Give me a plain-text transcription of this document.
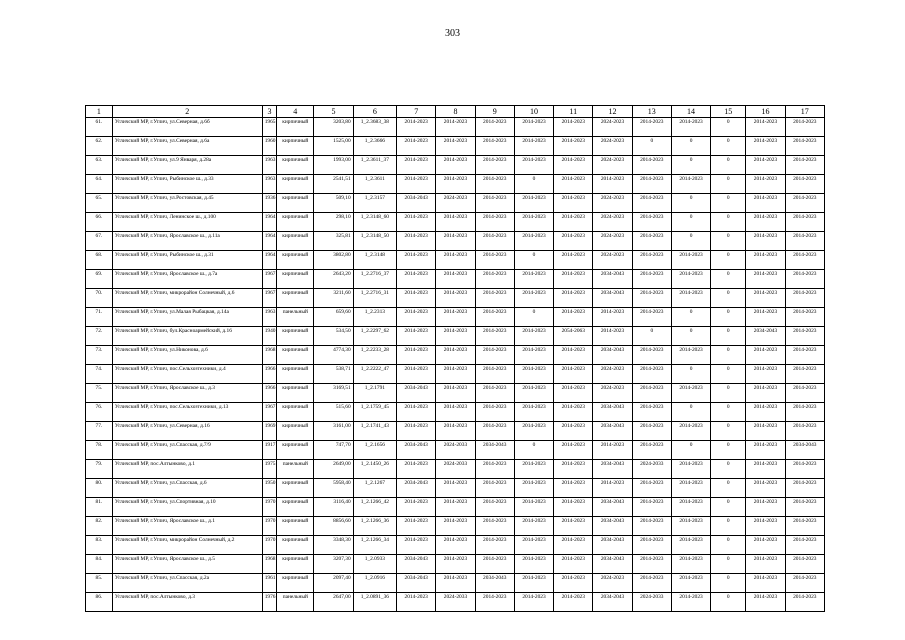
303
1	2	3	4	5	6	7	8	9	10	11	12	13	14	15	16	17
61.	Угличский МР, г.Углич, ул.Северная, д.6б	1965	кирпичный	3203,80	1_2.3683_38	2014-2023	2014-2023	2014-2023	2014-2023	2014-2023	2024-2023	2014-2023	2014-2023	0	2014-2023	2014-2023
62.	Угличский МР, г.Углич, ул.Северная, д.6а	1960	кирпичный	1525,00	1_2.3666	2014-2023	2014-2023	2014-2023	2014-2023	2014-2023	2024-2023	0	0	0	2014-2023	2014-2023
63.	Угличский МР, г.Углич, ул.9 Января, д.28а	1963	кирпичный	1993,00	1_2.3611_37	2014-2023	2014-2023	2014-2023	2014-2023	2014-2023	2024-2023	2014-2023	0	0	2014-2023	2014-2023
64.	Угличский МР, г.Углич, Рыбинское ш., д.33	1963	кирпичный	2541,51	1_2.3611	2014-2023	2014-2023	2014-2023	0	2014-2023	2014-2023	2014-2023	2014-2023	0	2014-2023	2014-2023
65.	Угличский МР, г.Углич, ул.Ростовская, д.45	1936	кирпичный	509,10	1_2.3157	2034-2043	2024-2023	2014-2023	2014-2023	2014-2023	2024-2023	2014-2023	0	0	2014-2023	2014-2023
66.	Угличский МР, г.Углич, Ленинское ш., д.100	1964	кирпичный	298,10	1_2.3148_60	2014-2023	2014-2023	2014-2023	2014-2023	2014-2023	2024-2023	2014-2023	0	0	2014-2023	2014-2023
67.	Угличский МР, г.Углич, Ярославское ш., д.11а	1964	кирпичный	325,81	1_2.3148_50	2014-2023	2014-2023	2014-2023	2014-2023	2014-2023	2024-2023	2014-2023	0	0	2014-2023	2014-2023
68.	Угличский МР, г.Углич, Рыбинское ш., д.31	1964	кирпичный	3802,80	1_2.3148	2014-2023	2014-2023	2014-2023	0	2014-2023	2024-2023	2014-2023	2014-2023	0	2014-2023	2014-2023
69.	Угличский МР, г.Углич, Ярославское ш., д.7а	1967	кирпичный	2643,20	1_2.2716_37	2014-2023	2014-2023	2014-2023	2014-2023	2014-2023	2034-2043	2014-2023	2014-2023	0	2014-2023	2014-2023
70.	Угличский МР, г.Углич, микрорайон Солнечный, д.6	1967	кирпичный	3211,60	1_2.2716_31	2014-2023	2014-2023	2014-2023	2014-2023	2014-2023	2034-2043	2014-2023	2014-2023	0	2014-2023	2014-2023
71.	Угличский МР, г.Углич, ул.Малая Рыбацкая, д.14а	1963	панельный	659,60	1_2.2313	2014-2023	2014-2023	2014-2023	0	2014-2023	2014-2023	2014-2023	0	0	2014-2023	2014-2023
72.	Угличский МР, г.Углич, бул.Красноармейский, д.16	1940	кирпичный	534,50	1_2.2297_62	2014-2023	2014-2023	2014-2023	2014-2023	2054-2063	2014-2023	0	0	0	2034-2043	2014-2023
73.	Угличский МР, г.Углич, ул.Никонова, д.6	1968	кирпичный	4774,30	1_2.2233_28	2014-2023	2014-2023	2014-2023	2014-2023	2014-2023	2034-2043	2014-2023	2014-2023	0	2014-2023	2014-2023
74.	Угличский МР, г.Углич, пос.Сельхозтехники, д.4	1966	кирпичный	538,71	1_2.2222_47	2014-2023	2014-2023	2014-2023	2014-2023	2014-2023	2024-2023	2014-2023	0	0	2014-2023	2014-2023
75.	Угличский МР, г.Углич, Ярославское ш., д.3	1966	кирпичный	3169,51	1_2.1791	2034-2043	2014-2023	2014-2023	2014-2023	2014-2023	2024-2023	2014-2023	2014-2023	0	2014-2023	2014-2023
76.	Угличский МР, г.Углич, пос.Сельхозтехники, д.13	1967	кирпичный	515,60	1_2.1759_45	2014-2023	2014-2023	2014-2023	2014-2023	2014-2023	2034-2043	2014-2023	0	0	2014-2023	2014-2023
77.	Угличский МР, г.Углич, ул.Северная, д.16	1969	кирпичный	3161,00	1_2.1741_43	2014-2023	2014-2023	2014-2023	2014-2023	2014-2023	2034-2043	2014-2023	2014-2023	0	2014-2023	2014-2023
78.	Угличский МР, г.Углич, ул.Спасская, д.7/9	1917	кирпичный	747,70	1_2.1656	2034-2043	2024-2033	2034-2043	0	2014-2023	2014-2023	2014-2023	0	0	2014-2023	2034-2043
79.	Угличский МР, пос.Алтынково, д.1	1975	панельный	2649,00	1_2.1450_26	2014-2023	2024-2033	2014-2023	2014-2023	2014-2023	2034-2043	2024-2033	2014-2023	0	2014-2023	2014-2023
80.	Угличский МР, г.Углич, ул.Спасская, д.6	1950	кирпичный	5958,40	1_2.1267	2034-2043	2014-2023	2014-2023	2014-2023	2014-2023	2014-2023	2014-2023	2014-2023	0	2014-2023	2014-2023
81.	Угличский МР, г.Углич, ул.Спортивная, д.10	1970	кирпичный	3116,40	1_2.1266_42	2014-2023	2014-2023	2014-2023	2014-2023	2014-2023	2034-2043	2014-2023	2014-2023	0	2014-2023	2014-2023
82.	Угличский МР, г.Углич, Ярославское ш., д.1	1970	кирпичный	8856,60	1_2.1266_36	2014-2023	2014-2023	2014-2023	2014-2023	2014-2023	2034-2043	2014-2023	2014-2023	0	2014-2023	2014-2023
83.	Угличский МР, г.Углич, микрорайон Солнечный, д.2	1970	кирпичный	3348,30	1_2.1266_34	2014-2023	2014-2023	2014-2023	2014-2023	2014-2023	2034-2043	2014-2023	2014-2023	0	2014-2023	2014-2023
84.	Угличский МР, г.Углич, Ярославское ш., д.5	1968	кирпичный	3207,30	1_2.0933	2034-2043	2014-2023	2014-2023	2014-2023	2014-2023	2034-2043	2014-2023	2014-2023	0	2014-2023	2014-2023
85.	Угличский МР, г.Углич, ул.Спасская, д.2а	1961	кирпичный	2097,40	1_2.0916	2034-2043	2014-2023	2034-2043	2014-2023	2014-2023	2024-2023	2014-2023	2014-2023	0	2014-2023	2014-2023
86.	Угличский МР, пос.Алтынково, д.3	1976	панельный	2647,00	1_2.0891_36	2014-2023	2024-2033	2014-2023	2014-2023	2014-2023	2034-2043	2024-2033	2014-2023	0	2014-2023	2014-2023
